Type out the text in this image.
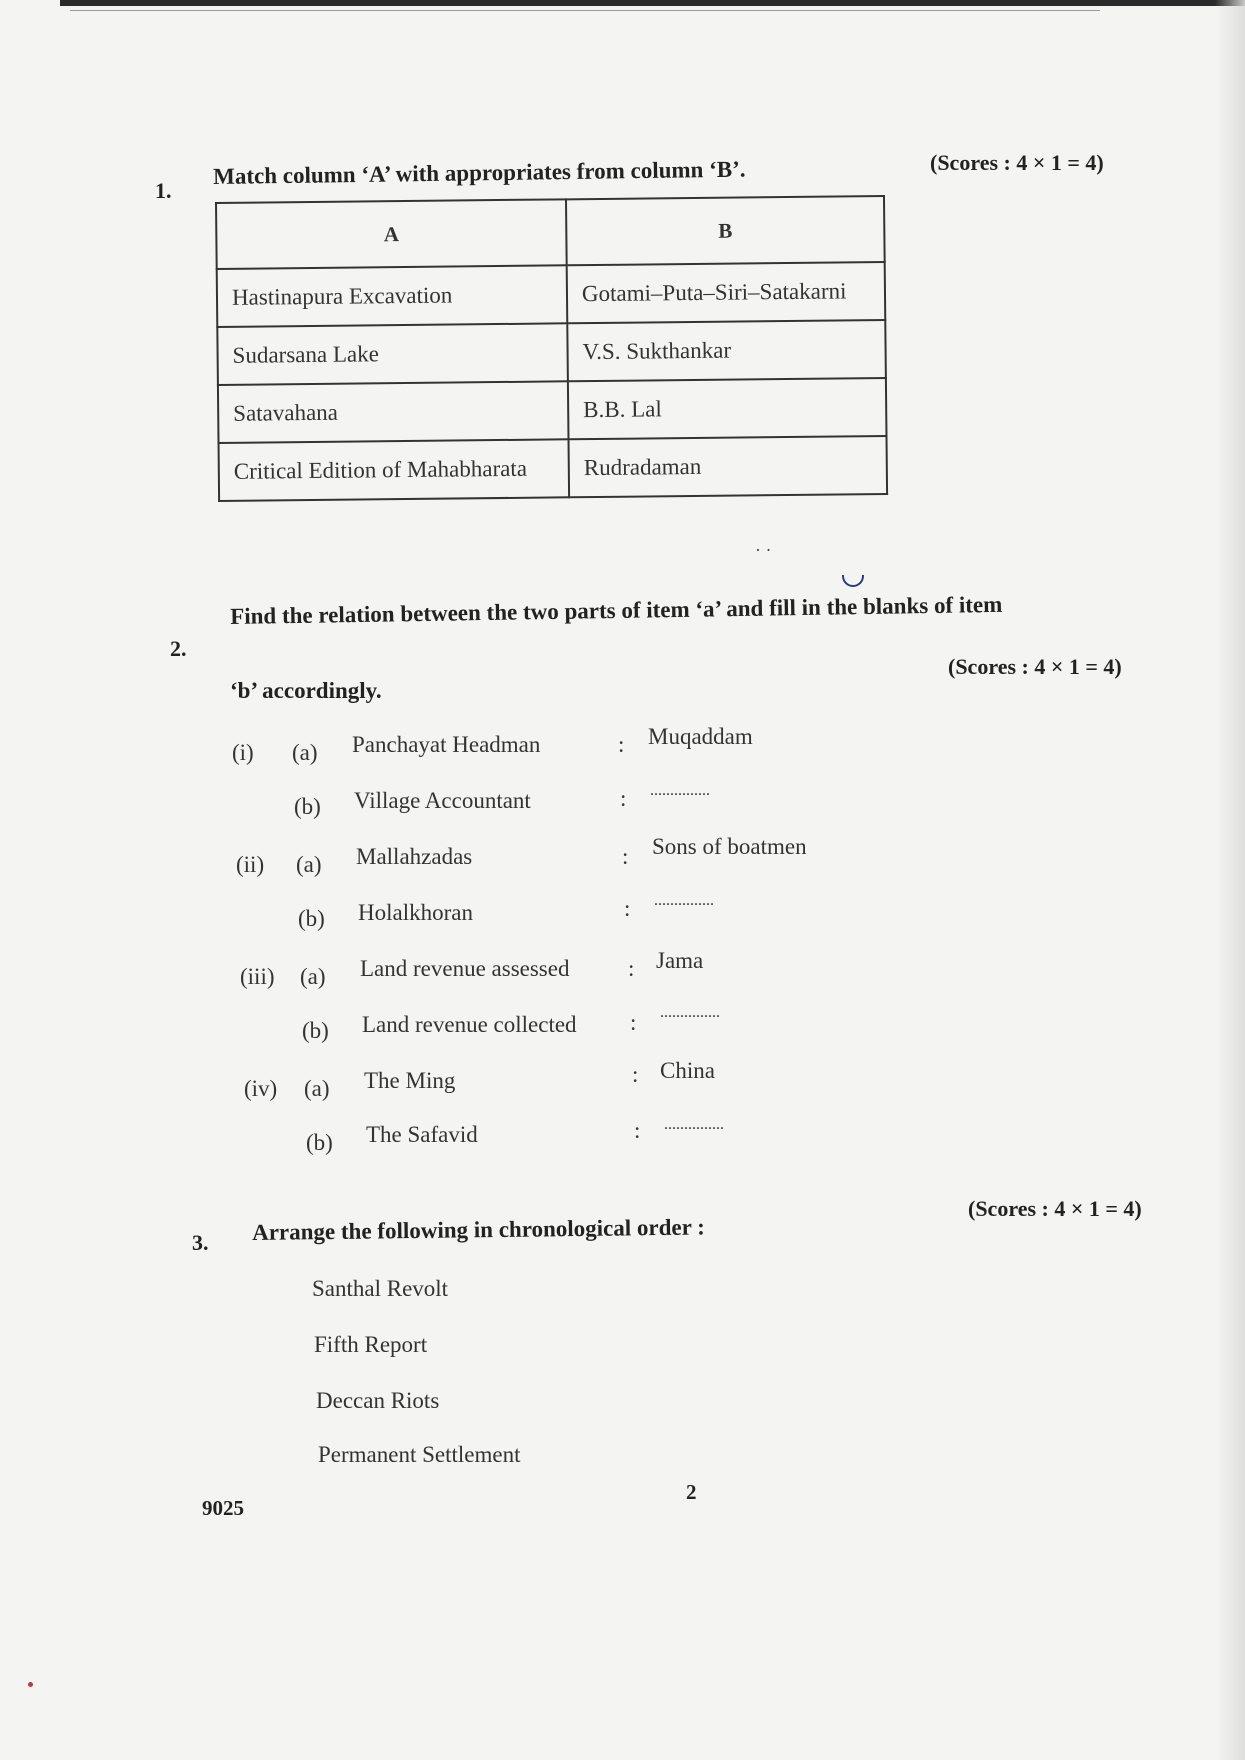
1.
Match column ‘A’ with appropriates from column ‘B’.	(Scores : 4 × 1 = 4)
A	B
Hastinapura Excavation	Gotami–Puta–Siri–Satakarni
Sudarsana Lake	V.S. Sukthankar
Satavahana	B.B. Lal
Critical Edition of Mahabharata	Rudradaman
· ·
2.
Find the relation between the two parts of item ‘a’ and fill in the blanks of item
‘b’ accordingly.
(Scores : 4 × 1 = 4)
(i) (a) Panchayat Headman	: Muqaddam
(b) Village Accountant	: ...............
(ii) (a) Mallahzadas	: Sons of boatmen
(b) Holalkhoran	: ...............
(iii) (a) Land revenue assessed	: Jama
(b) Land revenue collected : ...............
(iv) (a) The Ming	: China
(b) The Safavid	: ...............
3. Arrange the following in chronological order :
(Scores : 4 × 1 = 4)
Santhal Revolt
Fifth Report
Deccan Riots
Permanent Settlement
9025
2
